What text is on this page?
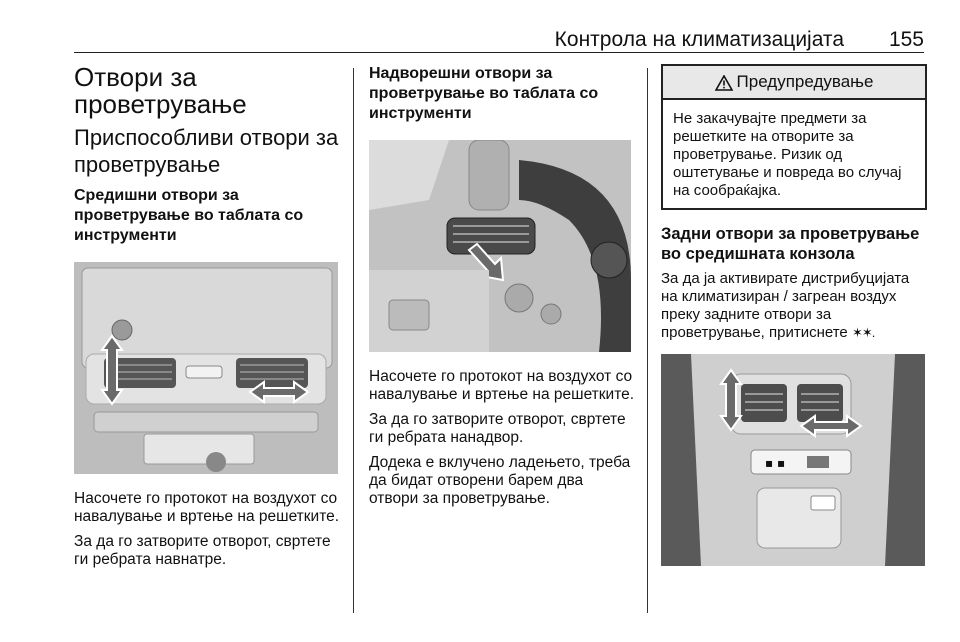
Контрола на климатизацијата 155
Отвори за проветрување
Приспособливи отвори за проветрување
Средишни отвори за проветрување во таблата со инструменти

Насочете го протокот на воздухот со навалување и вртење на решетките.

За да го затворите отворот, свртете ги ребрата навнатре.

Надворешни отвори за проветрување во таблата со инструменти

Насочете го протокот на воздухот со навалување и вртење на решетките.

За да го затворите отворот, свртете ги ребрата нанадвор.

Додека е вклучено ладењето, треба да бидат отворени барем два отвори за проветрување.

Предупредување
Не закачувајте предмети за решетките на отворите за проветрување. Ризик од оштетување и повреда во случај на сообраќајка.
Задни отвори за проветрување во средишната конзола

За да ја активирате дистрибуцијата на климатизиран / загреан воздух преку задните отвори за проветрување, притиснете ✶✶.

▪ ▪
